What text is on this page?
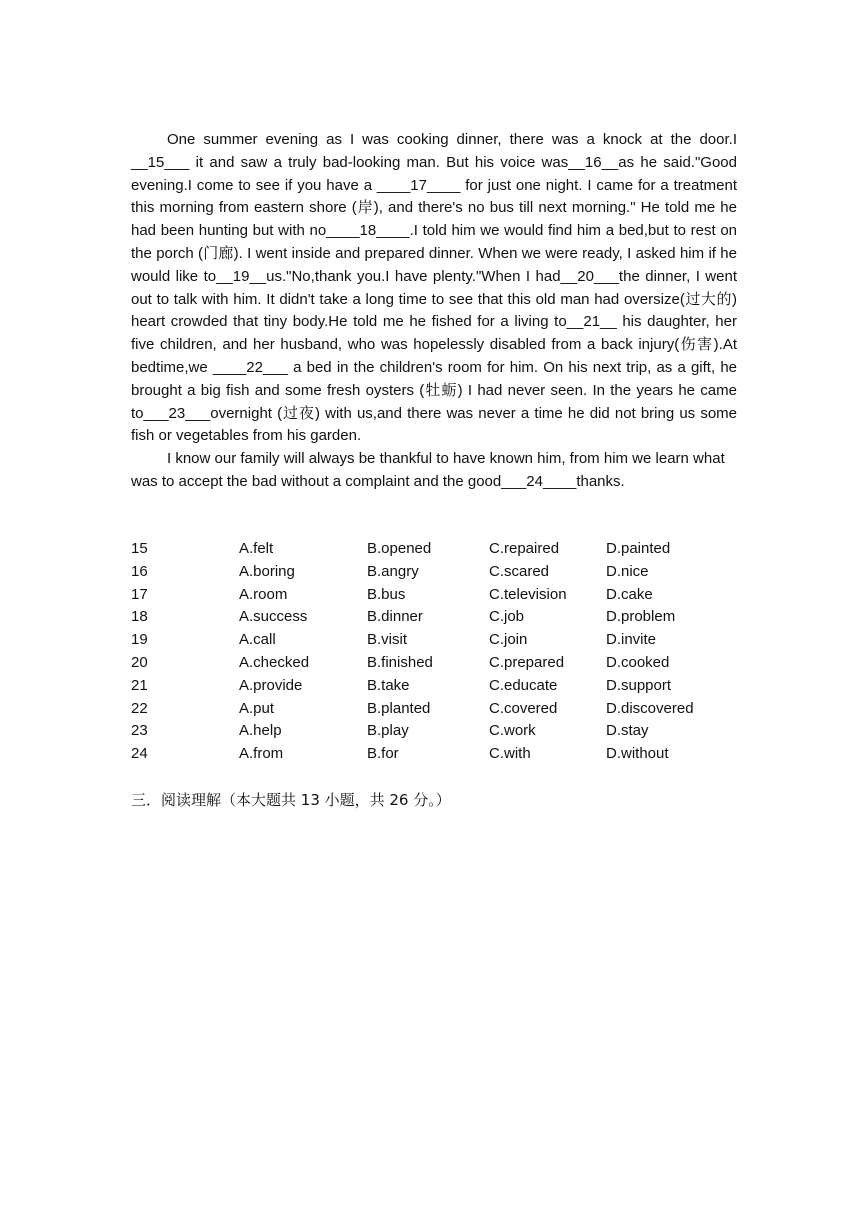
One summer evening as I was cooking dinner, there was a knock at the door.I __15___ it and saw a truly bad-looking man. But his voice was__16__as he said."Good evening.I come to see if you have a ____17____ for just one night. I came for a treatment this morning from eastern shore (岸), and there's no bus till next morning." He told me he had been hunting but with no____18____.I told him we would find him a bed,but to rest on the porch (门廊). I went inside and prepared dinner. When we were ready, I asked him if he would like to__19__us."No,thank you.I have plenty."When I had__20___the dinner, I went out to talk with him. It didn't take a long time to see that this old man had oversize(过大的) heart crowded that tiny body.He told me he fished for a living to__21__ his daughter, her five children, and her husband, who was hopelessly disabled from a back injury(伤害).At bedtime,we ____22___ a bed in the children's room for him. On his next trip, as a gift, he brought a big fish and some fresh oysters (牡蛎) I had never seen. In the years he came to___23___overnight (过夜) with us,and there was never a time he did not bring us some fish or vegetables from his garden.

I know our family will always be thankful to have known him, from him we learn what was to accept the bad without a complaint and the good___24____thanks.

15	A.felt	B.opened	C.repaired	D.painted
16	A.boring	B.angry	C.scared	D.nice
17	A.room	B.bus	C.television	D.cake
18	A.success	B.dinner	C.job	D.problem
19	A.call	B.visit	C.join	D.invite
20	A.checked	B.finished	C.prepared	D.cooked
21	A.provide	B.take	C.educate	D.support
22	A.put	B.planted	C.covered	D.discovered
23	A.help	B.play	C.work	D.stay
24	A.from	B.for	C.with	D.without
三．阅读理解（本大题共 13 小题，共 26 分。）
